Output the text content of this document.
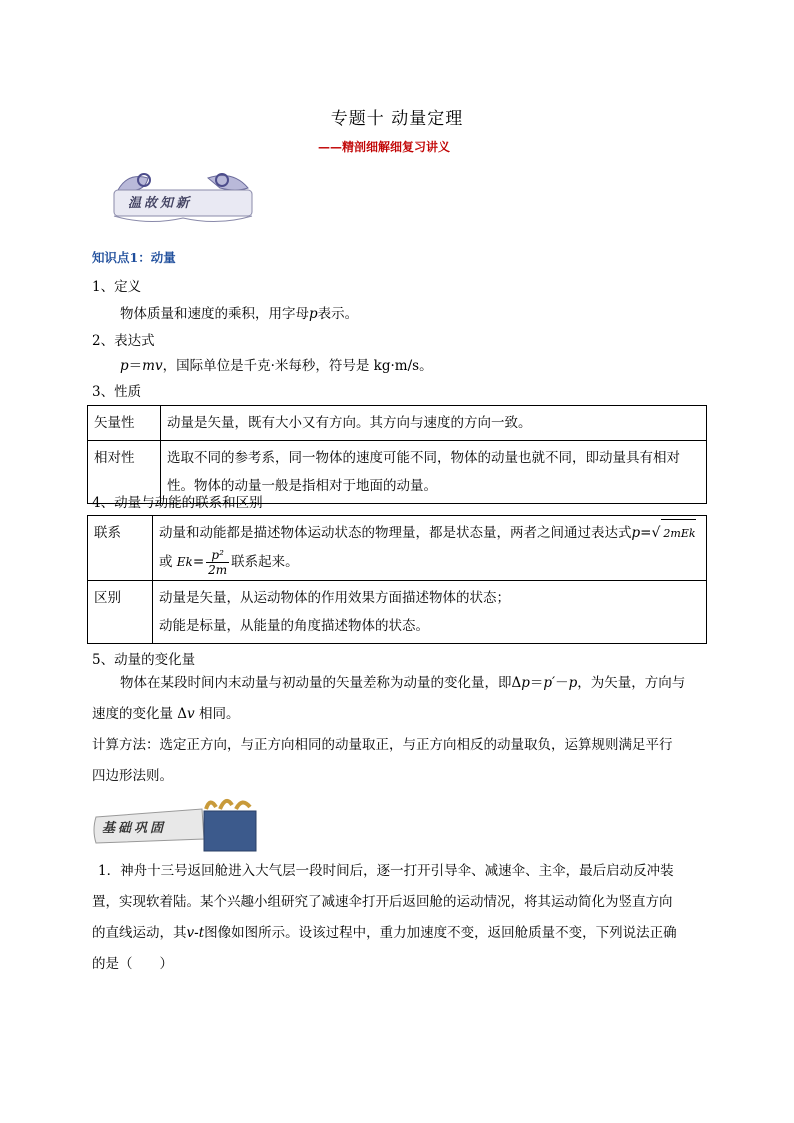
专题十 动量定理
——精剖细解细复习讲义
温故知新
知识点1：动量
1、定义
物体质量和速度的乘积，用字母p表示。
2、表达式
p＝mv，国际单位是千克·米每秒，符号是 kg·m/s。
3、性质
矢量性	动量是矢量，既有大小又有方向。其方向与速度的方向一致。
相对性	选取不同的参考系，同一物体的速度可能不同，物体的动量也就不同，即动量具有相对
性。物体的动量一般是指相对于地面的动量。
4、动量与动能的联系和区别
联系	动量和动能都是描述物体运动状态的物理量，都是状态量，两者之间通过表达式p=√ 2mEk
或 $Ek= \frac{\text{p²}}{2m}$ 联系起来。

区别	动量是矢量，从运动物体的作用效果方面描述物体的状态；
动能是标量，从能量的角度描述物体的状态。
5、动量的变化量
物体在某段时间内末动量与初动量的矢量差称为动量的变化量，即Δp＝p′－p，为矢量，方向与
速度的变化量 Δv 相同。
计算方法：选定正方向，与正方向相同的动量取正，与正方向相反的动量取负，运算规则满足平行
四边形法则。
基础巩固
1．神舟十三号返回舱进入大气层一段时间后，逐一打开引导伞、减速伞、主伞，最后启动反冲装
置，实现软着陆。某个兴趣小组研究了减速伞打开后返回舱的运动情况，将其运动简化为竖直方向
的直线运动，其v-t图像如图所示。设该过程中，重力加速度不变，返回舱质量不变，下列说法正确
的是（　　）
